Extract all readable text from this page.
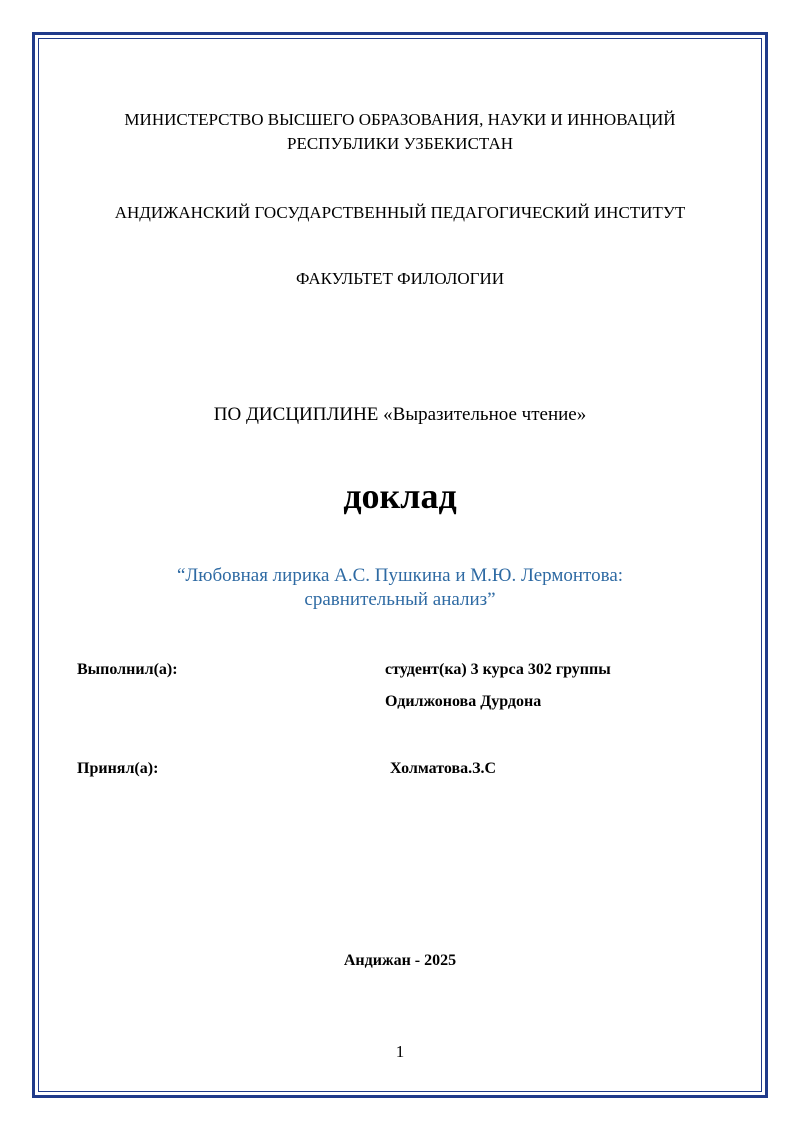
МИНИСТЕРСТВО ВЫСШЕГО ОБРАЗОВАНИЯ, НАУКИ И ИННОВАЦИЙ
РЕСПУБЛИКИ УЗБЕКИСТАН
АНДИЖАНСКИЙ ГОСУДАРСТВЕННЫЙ ПЕДАГОГИЧЕСКИЙ ИНСТИТУТ
ФАКУЛЬТЕТ ФИЛОЛОГИИ
ПО ДИСЦИПЛИНЕ «Выразительное чтение»
доклад
“Любовная лирика А.С. Пушкина и М.Ю. Лермонтова:
сравнительный анализ”
Выполнил(а):	студент(ка) 3 курса 302 группы
Одилжонова Дурдона
Принял(а):	Холматова.З.С
Андижан - 2025
1
